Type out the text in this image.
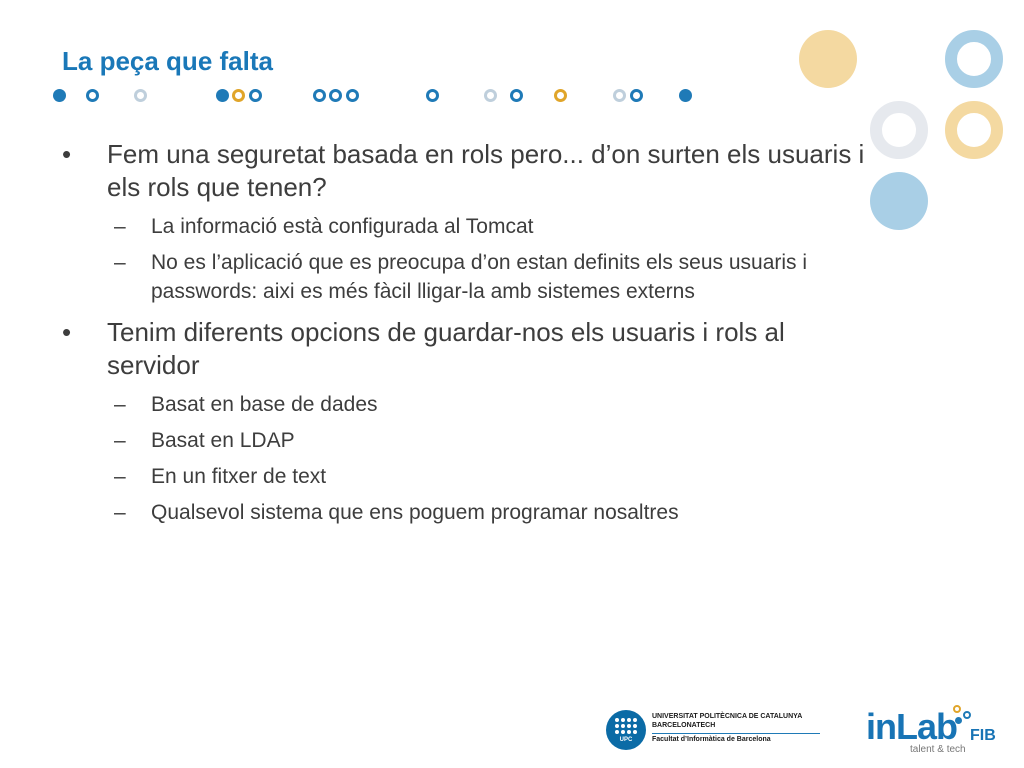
La peça que falta
• Fem una seguretat basada en rols pero... d’on surten els usuaris i els rols que tenen?
– La informació està configurada al Tomcat
– No es l’aplicació que es preocupa d’on estan definits els seus usuaris i passwords: aixi es més fàcil lligar-la amb sistemes externs
• Tenim diferents opcions de guardar-nos els usuaris i rols al servidor
– Basat en base de dades
– Basat en LDAP
– En un fitxer de text
– Qualsevol sistema que ens poguem programar nosaltres
UPC
UNIVERSITAT POLITÈCNICA DE CATALUNYA
BARCELONATECH
Facultat d’Informàtica de Barcelona	inLab FIB
talent & tech
